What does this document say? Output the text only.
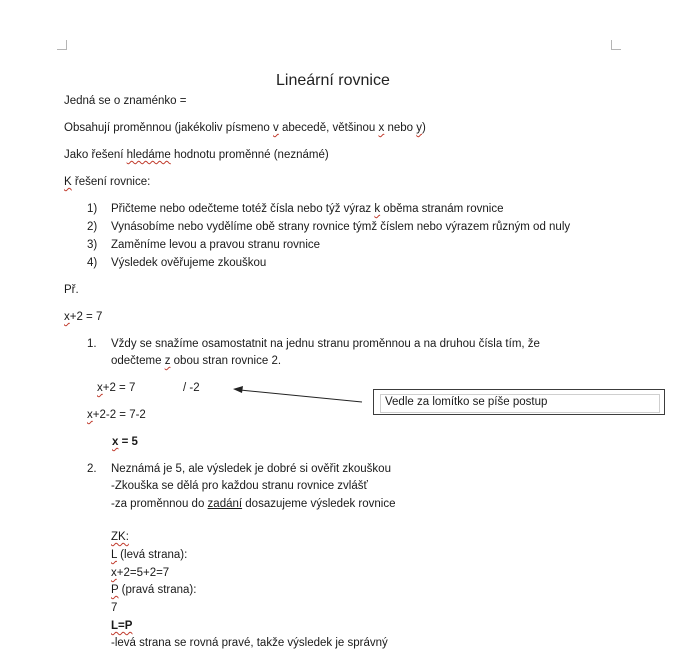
Lineární rovnice
Jedná se o znaménko =
Obsahují proměnnou (jakékoliv písmeno v abecedě, většinou x nebo y)
Jako řešení hledáme hodnotu proměnné (neznámé)
K řešení rovnice:
1) Přičteme nebo odečteme totéž čísla nebo týž výraz k oběma stranám rovnice
2) Vynásobíme nebo vydělíme obě strany rovnice týmž číslem nebo výrazem různým od nuly
3) Zaměníme levou a pravou stranu rovnice
4) Výsledek ověřujeme zkouškou
Př.
x+2 = 7
1. Vždy se snažíme osamostatnit na jednu stranu proměnnou a na druhou čísla tím, že
odečteme z obou stran rovnice 2.
x+2 = 7	/ -2
Vedle za lomítko se píše postup
x+2-2 = 7-2
x = 5
2. Neznámá je 5, ale výsledek je dobré si ověřit zkouškou
-Zkouška se dělá pro každou stranu rovnice zvlášť
-za proměnnou do zadání dosazujeme výsledek rovnice
ZK:
L (levá strana):
x+2=5+2=7
P (pravá strana):
7
L=P
-levá strana se rovná pravé, takže výsledek je správný
